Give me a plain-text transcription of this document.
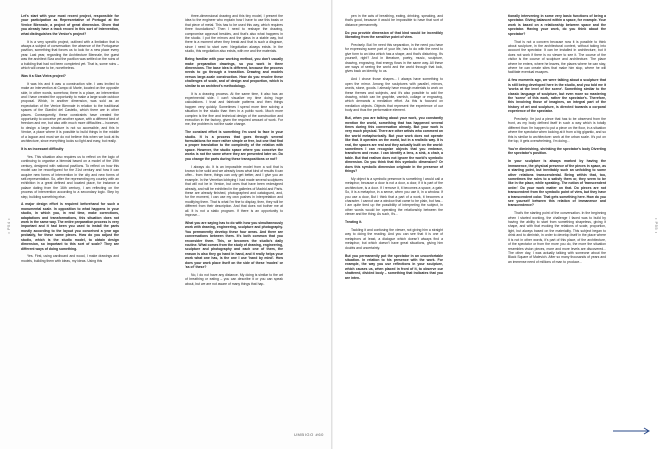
• P54 •

Let's start with your most recent project, responsible for your participation as Representative of Portugal at the Venice Biennale, a project of great dimension. Given that you already have a track record in this sort of intervention, what distinguishes the Venice's project?

It is a very specific project, outlined with a limitation that is always a subject of conversation: the absence of the Portuguese pavilion, something that forces us to look for a new place every year. Last year, regarding the Architecture Biennale, the guest was the architect Siza and the pavilion was settled on the ruins of a building that had not been completed yet. That is, some ruins – which will cease to be, nonetheless.

Was it a Siza Vieira project?

It was his and it was a construction site. I was invited to make an intervention at Campo di Marte, located on the opposite side, in other words, somehow, there is a place, an intervention and I have created the opportunity to make a large scale outdoor proposal. Which, in another dimension, was sold as an expectation of the Venice Biennale in relation to the traditional spaces of the Giardini del Castello, which there are in other places. Consequently, these constraints have created the opportunity to conceive yet another space, with a different kind of freedom and me, but also with much more difficulties – however, to design a large structure is not so accessible, and this in Venice, a place where it is possible to build things in the middle of a lagoon and must we do not believe this when we look at its architecture, since everything looks so light and easy, but really.

It is an incessant difficulty

Yes. This situation also requires us to reflect on the logic of continuing to organise a biennial based on a model of the 19th century, designed with national pavilions. To reflect on how this model can be reconfigured for the 21st century and how it can acquire new forms of intervention in the city and new forms of self-representation. So, after the representing my country with an exhibition in a great defined and located place, for instance a palace dating from the 16th century, I am reflecting on the process of intervention according to a secondary logic. Step by step, building something else.

A major design effort is required beforehand for such a monumental scale. In opposition to what happens in your studio, in which you, in real time, make corrections, adaptations and transformations, this situation does not work in the same way. The entire preparation process is very important and it had been you used to install the parts mostly according to the layout you conceived a year ago probably, for these same pieces. How do you adjust the studio, which is the studio model, to obtain design dimension, so important to this sort of scale? They are different ways of doing something.

Yes. First, using cardboard and wood, I make drawings and models, building them with ideas, my ideas. Using this

three-dimensional drawing and this tiny model, I present the idea to the engineer who explain how I have to use this basis or that piece of metal. This has to be used this way, which requires three foundations? Then I need to reshape the drawing, compromise approval besides, and that's also what happens in the studio. I put the mirrors and the glass in a stable way, but there is a moment when they break and that is such a disgrace, since I need to start over. Negotiation always exists. In the studio, this negotiation also exists, with me and the materials.

Being familiar with your working method, you don't usually make preparation drawings, so you work in three dimensions. The base idea is different, because the process needs to go through a transition. Drawing and models versus large-scale construction. How do you resolve these challenges of scale, and of design and proportion, which is similar to an architect's methodology.

It is a drawing process. At the same time, it also has an experimental side. I can't visualize my time doing huge calculations. I trust and fabricate patterns and then things happen very quickly. Sometimes I spend more time solving a situation in the studio than then in a public work. Much more complex is the fine and technical design of the construction and execution in the factory, given the required amount of work. For me, the problem is not the scale change.

The constant effort is something I'm used to face in your studio. It is a process that goes through several formulations for more rather simple or free, but one that find a proper translation to the complexity of the relation with space. However, the studio space where you conceive the works is not the same where they are presented later on. Do you change the parts during these transpositions or not?

I always do. It is an impossible model from a soil that is known to be solid and we already know what kind of results it can offer... from there, things can only get better, and I give you an example. In the Venetian lobbying I had made several sculptures that will not be in Venice, but ones that have been redesigned already, and will be exhibited in the galleries of Madrid and Paris. these are already finished, photographed and catalogued, and, for the moment, I can use my own pushes in interpretation and modifying them. That is what I'm fine to display, then, they will be different from their description. And that does not bother me at all. It is not a static program. If there is an opportunity to improve...

What you are saying has to do with how you simultaneously work with drawing, engineering, sculpture and photography. You permanently develop these four areas. And there are conversations between them. It's both common that you reconsider them. This, or becomes the studio's daily routine. What comes from the study of drawing, engineering, sculpture and photography and each one of them, the reason is also they go hand in hand, and it really helps your work what one has, is the one I use 'hand by mind'. How does your work place itself on the side of these 'modes' or 'as of' these?

No, I do not have any distance. My doing is similar to the art of breathing or eating – you can describe it or you can speak about, but we are not aware of many things that hap-

pen in the acts of breathing, eating, drinking, speaking, and that's good, because it would be impossible to have that sort of distance permanently.

Do you provide dimension of that kind would be incredibly liberating from the sensitive point of view.

Precisely. But I'm need this separation, in the need you have for expressing some part of your life, has to do with the need to give form to an idea which has a shape, and that's disturbing. It's yourself, right? And in literature, poetry, music, sculpture, drawing, engraving, that energy flows in the same way. All these are ways of seeing the world and the world through that look, gives back an identity, to us.

And I chose those shapes... I always have something to open the mirror. Among the sculptures with parallel, mirrors, words, stone, goods. I already have enough materials to work on these themes and subjects, and it's also possible to add the drawing, which can be graphite, varnish, collage or engraving, which demands a mediation effort. As this is focused on mediation objects. Objects that represent the experience of our body and thus the performative element.

But, when you are talking about your work, you constantly mention the world, something that has happened several times during this conversation already. But your work is very much physical. There are other artists who comment on the world metaphorically. But your work does not operate like that. It operates on the world, but in a realistic way. It is real, the spaces are real and they actually built on the world: sometimes I can recognize objects that you embrace, transform and reuse. I can identify a lens, a sink, a chair, a table. But that realism does not ignore the world's symbolic dimension. Do you think that this symbolic dimension? Or does this symbolic dimension originate in the presence of things?

My object is a symbolic presence is something I would call a metaphor, because a door is not a door, a door, if it is part of the architecture, is a door. If I remove it, it becomes a space, a gate. So, it is a metaphor, in a sense, when you use it, in a window. If you use a door, But I think that a part of a work, it becomes a character. I cannot use a window that came to be plain, but has... I am quite tired up the possibility of interpreting the subject, in other words would be operating the relationship between the viewer and the thing. As such, it's...

Treating it.

Tackling it and confusing the viewer, not giving him a straight way to doing the reading. And you can see that it is one of metaphors at least, a dialogue which doesn't always find a metaphor, but which doesn't have great situations, giving him doubts and uncertainty.

But you permanently put the spectator in an unconfortable situation. In relation to his presence with the work. For example, the way you use reflections in your sculpture, which causes us, when placed in front of it, to observe our shattered, divided body – something that indicates that you are inten-

tionally intervening in some very basic functions of being a spectator. Giving balanced within a space, for example. Your work is based on a relationship between space and the spectator. Having your work, do you think about the spectator?

That is not a concern because now it is possible to think about sculpture, in the architectural context, without taking into account the spectator. It can be installed in architecture, but it does not work if there is no viewer to see it. The course of the visitor is the course of sculpture and architecture. The place where he enters, where he leaves, the places where he can stay, where he can create sites that make him stop, where he will facilitate eventual escapes.

A few moments ago, we were talking about a sculpture that is still being developed here in the studio, and you told me it 'works at the level of the scene'. Something similar to the classic language of sculpture, but even more so mastering the 'scene' of this work, rather the spectator's. Therefore, this involving those of imagines, an integral part of the history of art and sculpture, is directed towards a corporal experience of the spectator.

Precisely. I'm just a piece that has to be observed from the front, as my body defined itself in such a way which is totally different than I'm happen to put a piece on the floor, in a situation where the spectator when looking at it from a big gigantic, and so this is similar to architecture: work at the urban scale. It's put on the top, it gets overwhelming, I'm doing...

You're diminishing, shrinking the spectator's body Diverting the spectator's position.

In your sculpture is always marked by having the immanence, the physical presence of the pieces in space, as a starting point, but inevitably such an unfolding to some other relations transcendental. Being within that, too, sometimes the rules to a satisfy them or, they seem to be like in the place, while speaking. The notion of 'transcendent order.' Do your work matter on that. Do pieces are not transcendent from the symbolic point of view, but they have a transcendent color. That gets something here. How do you see yourself between this relation of immanence and transcendence?

That's the starting point of the conversation. In the beginning when I started working, the challenge I faced was to build by having the ability to start from something shapeless, giving it shape, and with that evoking the relations of scale, proportion, light, but always based on the materiality. This subject began to drink and to diminish, in order to develop itself in the place where it is not in other words, it's part of this place, of the architecture, of the spectator or from the more you do, the more the situation resembles vision pieces, more and more levels are discovered... The other day, I was actually talking with someone about the Black Square of Malevich. After so many thousands of years and an immense need of millions of man to produce...

• P55 •
UMBIGO #60
